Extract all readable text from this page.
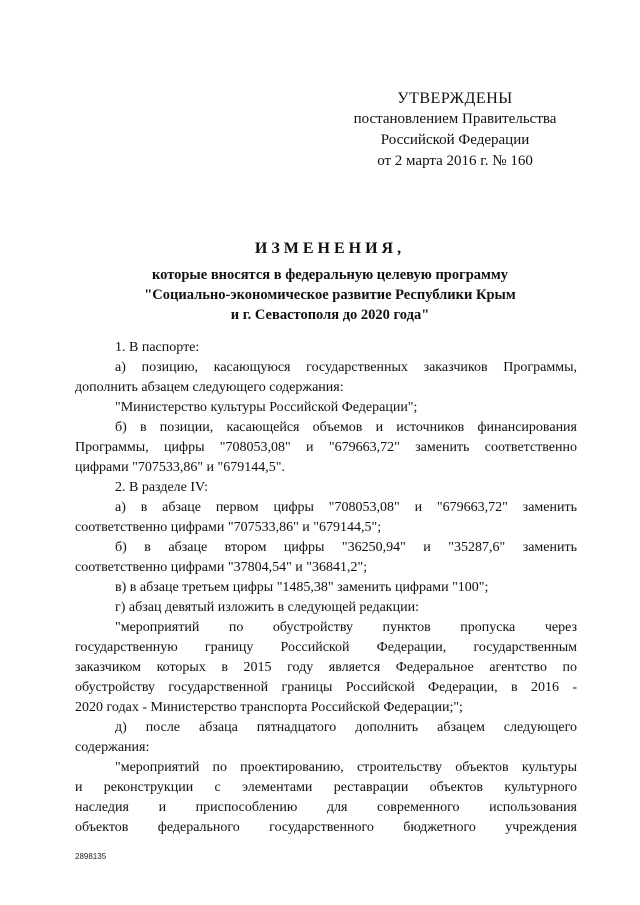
УТВЕРЖДЕНЫ
постановлением Правительства
Российской Федерации
от 2 марта 2016 г. № 160
ИЗМЕНЕНИЯ,
которые вносятся в федеральную целевую программу
"Социально-экономическое развитие Республики Крым
и г. Севастополя до 2020 года"

1. В паспорте:

а) позицию, касающуюся государственных заказчиков Программы,

дополнить абзацем следующего содержания:

"Министерство культуры Российской Федерации";

б) в позиции, касающейся объемов и источников финансирования

Программы, цифры "708053,08" и "679663,72" заменить соответственно

цифрами "707533,86" и "679144,5".

2. В разделе IV:

а) в абзаце первом цифры "708053,08" и "679663,72" заменить

соответственно цифрами "707533,86" и "679144,5";

б) в абзаце втором цифры "36250,94" и "35287,6" заменить

соответственно цифрами "37804,54" и "36841,2";

в) в абзаце третьем цифры "1485,38" заменить цифрами "100";

г) абзац девятый изложить в следующей редакции:

"мероприятий по обустройству пунктов пропуска через

государственную границу Российской Федерации, государственным

заказчиком которых в 2015 году является Федеральное агентство по

обустройству государственной границы Российской Федерации, в 2016 -

2020 годах - Министерство транспорта Российской Федерации;";

д) после абзаца пятнадцатого дополнить абзацем следующего

содержания:

"мероприятий по проектированию, строительству объектов культуры

и реконструкции с элементами реставрации объектов культурного

наследия и приспособлению для современного использования

объектов федерального государственного бюджетного учреждения

2898135
